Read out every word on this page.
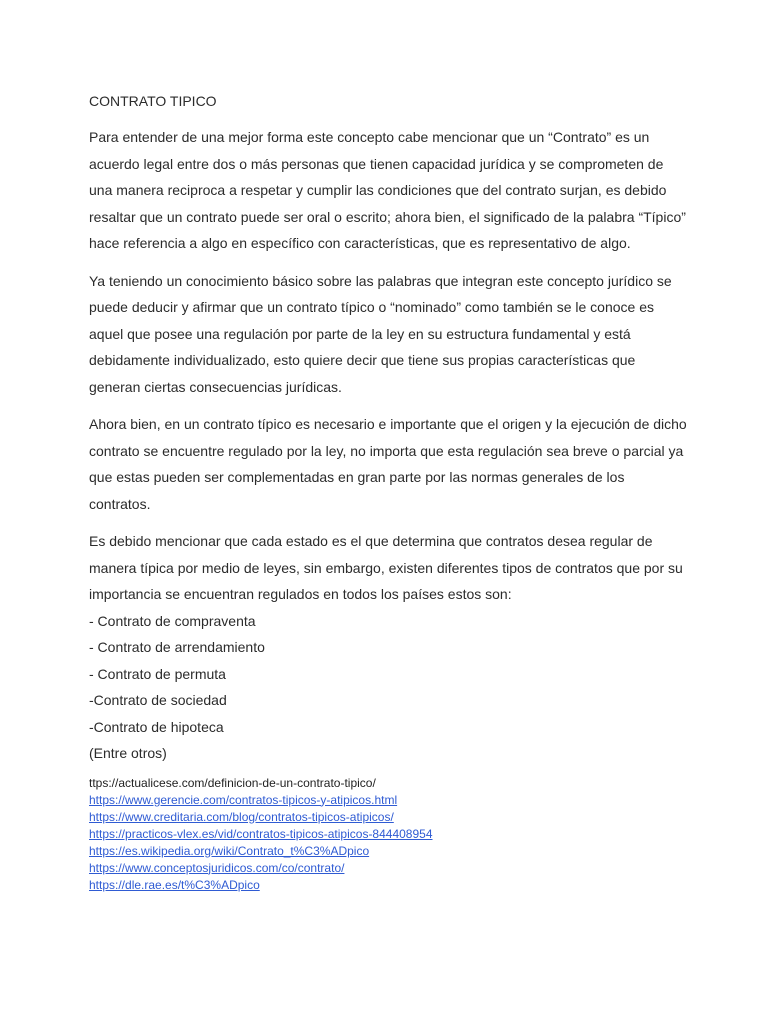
CONTRATO TIPICO

Para entender de una mejor forma este concepto cabe mencionar que un “Contrato” es un acuerdo legal entre dos o más personas que tienen capacidad jurídica y se comprometen de una manera reciproca a respetar y cumplir las condiciones que del contrato surjan, es debido resaltar que un contrato puede ser oral o escrito; ahora bien, el significado de la palabra “Típico” hace referencia a algo en específico con características, que es representativo de algo.

Ya teniendo un conocimiento básico sobre las palabras que integran este concepto jurídico se puede deducir y afirmar que un contrato típico o “nominado” como también se le conoce es aquel que posee una regulación por parte de la ley en su estructura fundamental y está debidamente individualizado, esto quiere decir que tiene sus propias características que generan ciertas consecuencias jurídicas.

Ahora bien, en un contrato típico es necesario e importante que el origen y la ejecución de dicho contrato se encuentre regulado por la ley, no importa que esta regulación sea breve o parcial ya que estas pueden ser complementadas en gran parte por las normas generales de los contratos.

Es debido mencionar que cada estado es el que determina que contratos desea regular de manera típica por medio de leyes, sin embargo, existen diferentes tipos de contratos que por su importancia se encuentran regulados en todos los países estos son:

- Contrato de compraventa
- Contrato de arrendamiento
- Contrato de permuta
-Contrato de sociedad
-Contrato de hipoteca
(Entre otros)
ttps://actualicese.com/definicion-de-un-contrato-tipico/
https://www.gerencie.com/contratos-tipicos-y-atipicos.html
https://www.creditaria.com/blog/contratos-tipicos-atipicos/
https://practicos-vlex.es/vid/contratos-tipicos-atipicos-844408954
https://es.wikipedia.org/wiki/Contrato_t%C3%ADpico
https://www.conceptosjuridicos.com/co/contrato/
https://dle.rae.es/t%C3%ADpico
